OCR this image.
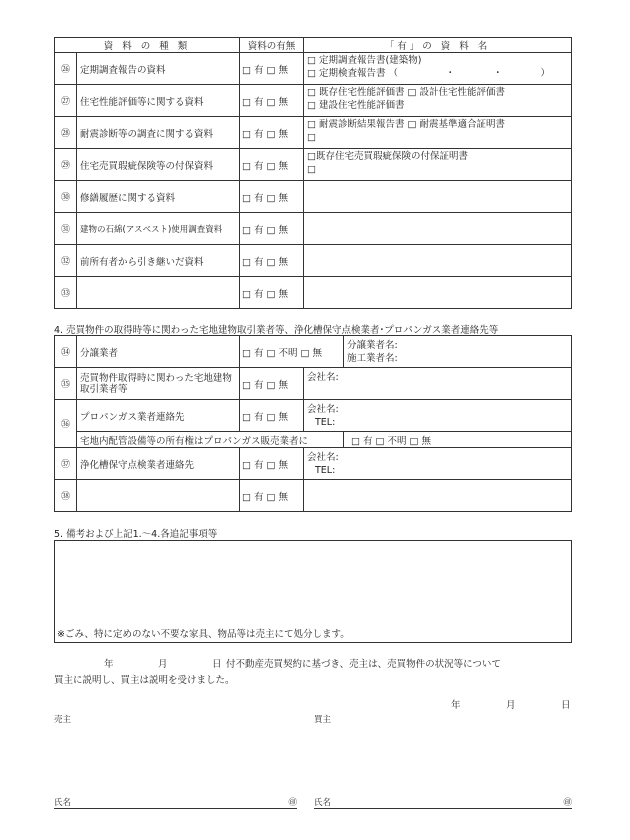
資 料 の 種 類		資料の有無	「有」の 資 料 名
㉖	定期調査報告の資料	□ 有 □ 無	□ 定期調査報告書(建築物)
□ 定期検査報告書 （　　　　　・　　　　・　　　　）

㉗	住宅性能評価等に関する資料	□ 有 □ 無	□ 既存住宅性能評価書 □ 設計住宅性能評価書
□ 建設住宅性能評価書

㉘	耐震診断等の調査に関する資料	□ 有 □ 無	□ 耐震診断結果報告書 □ 耐震基準適合証明書
□

㉙	住宅売買瑕疵保険等の付保資料	□ 有 □ 無	□既存住宅売買瑕疵保険の付保証明書
□

㉚	修繕履歴に関する資料	□ 有 □ 無	
㉛	建物の石綿(アスベスト)使用調査資料	□ 有 □ 無	
㉜	前所有者から引き継いだ資料	□ 有 □ 無	
㉝		□ 有 □ 無	
4. 売買物件の取得時等に関わった宅地建物取引業者等、浄化槽保守点検業者･プロパンガス業者連絡先等
㉞	分譲業者	□ 有 □ 不明 □ 無		分譲業者名:
施工業者名:

㉟	売買物件取得時に関わった宅地建物取引業者等	□ 有 □ 無	会社名:	

㊱	プロパンガス業者連絡先	□ 有 □ 無	会社名:
TEL:	

	宅地内配管設備等の所有権はプロパンガス販売業者に			□ 有 □ 不明 □ 無
㊲	浄化槽保守点検業者連絡先	□ 有 □ 無	会社名:
TEL:	

㊳		□ 有 □ 無		
5. 備考および上記1.～4.各追記事項等
※ごみ、特に定めのない不要な家具、物品等は売主にて処分します。
年	月	日 付不動産売買契約に基づき、売主は、売買物件の状況等について
買主に説明し、買主は説明を受けました。
年	月	日
売主	買主
氏名	㊞ 氏名	㊞
